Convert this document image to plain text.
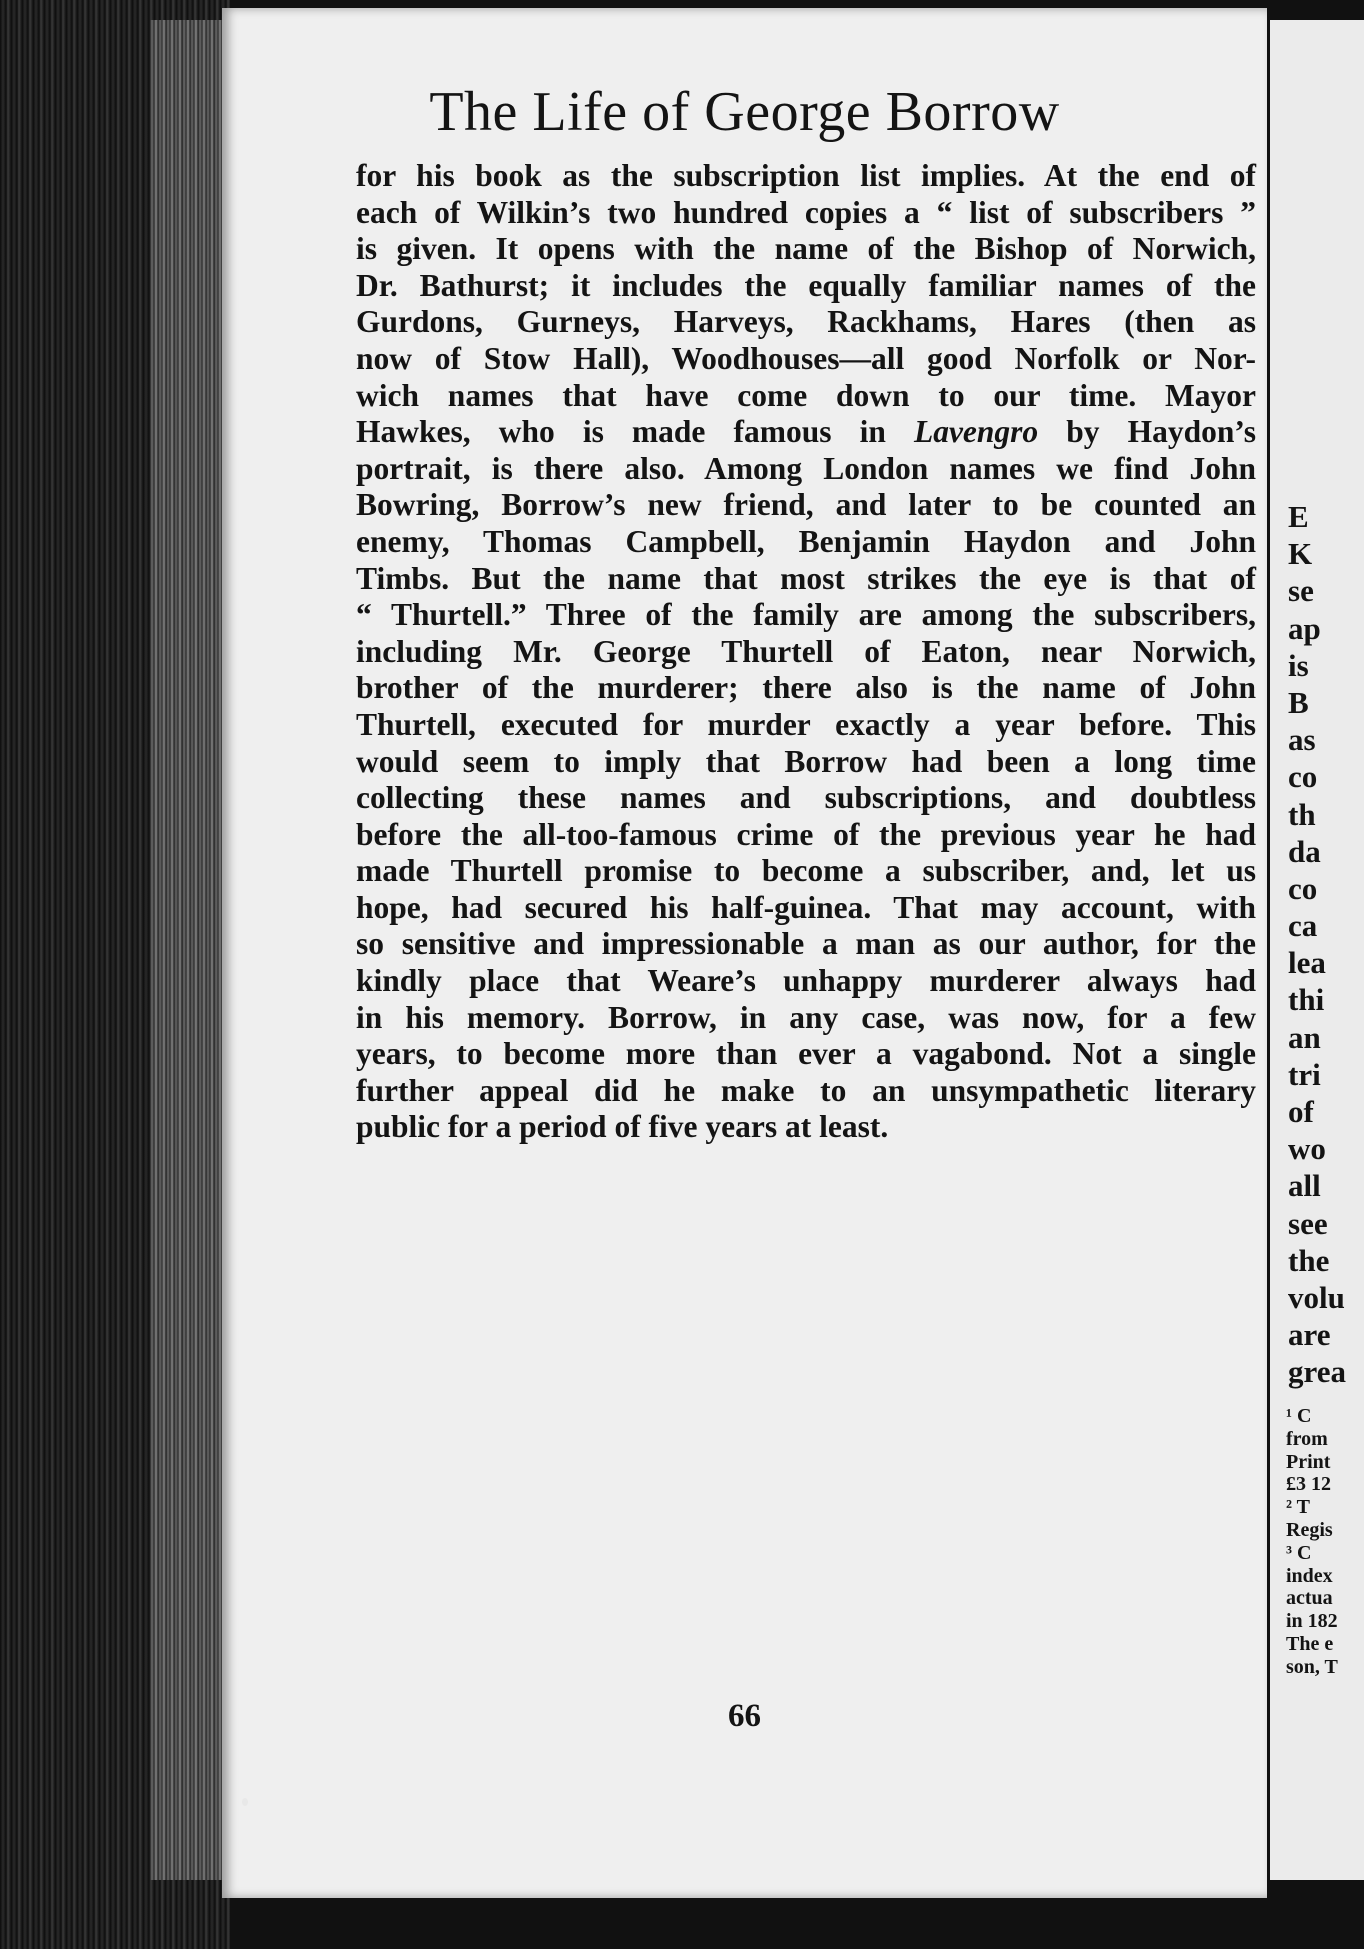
The Life of George Borrow
for his book as the subscription list implies. At the end of
each of Wilkin’s two hundred copies a “ list of subscribers ”
is given. It opens with the name of the Bishop of Norwich,
Dr. Bathurst; it includes the equally familiar names of the
Gurdons, Gurneys, Harveys, Rackhams, Hares (then as
now of Stow Hall), Woodhouses—all good Norfolk or Nor-
wich names that have come down to our time. Mayor
Hawkes, who is made famous in Lavengro by Haydon’s
portrait, is there also. Among London names we find John
Bowring, Borrow’s new friend, and later to be counted an
enemy, Thomas Campbell, Benjamin Haydon and John
Timbs. But the name that most strikes the eye is that of
“ Thurtell.” Three of the family are among the subscribers,
including Mr. George Thurtell of Eaton, near Norwich,
brother of the murderer; there also is the name of John
Thurtell, executed for murder exactly a year before. This
would seem to imply that Borrow had been a long time
collecting these names and subscriptions, and doubtless
before the all-too-famous crime of the previous year he had
made Thurtell promise to become a subscriber, and, let us
hope, had secured his half-guinea. That may account, with
so sensitive and impressionable a man as our author, for the
kindly place that Weare’s unhappy murderer always had
in his memory. Borrow, in any case, was now, for a few
years, to become more than ever a vagabond. Not a single
further appeal did he make to an unsympathetic literary
public for a period of five years at least.
66
E
K
se
ap
is
B
as
co
th
da
co
ca
lea
thi
an
tri
of
wo
all
see
the
volu
are
grea
¹ C
from
Print
£3 12
² T
Regis
³ C
index
actua
in 182
The e
son, T
